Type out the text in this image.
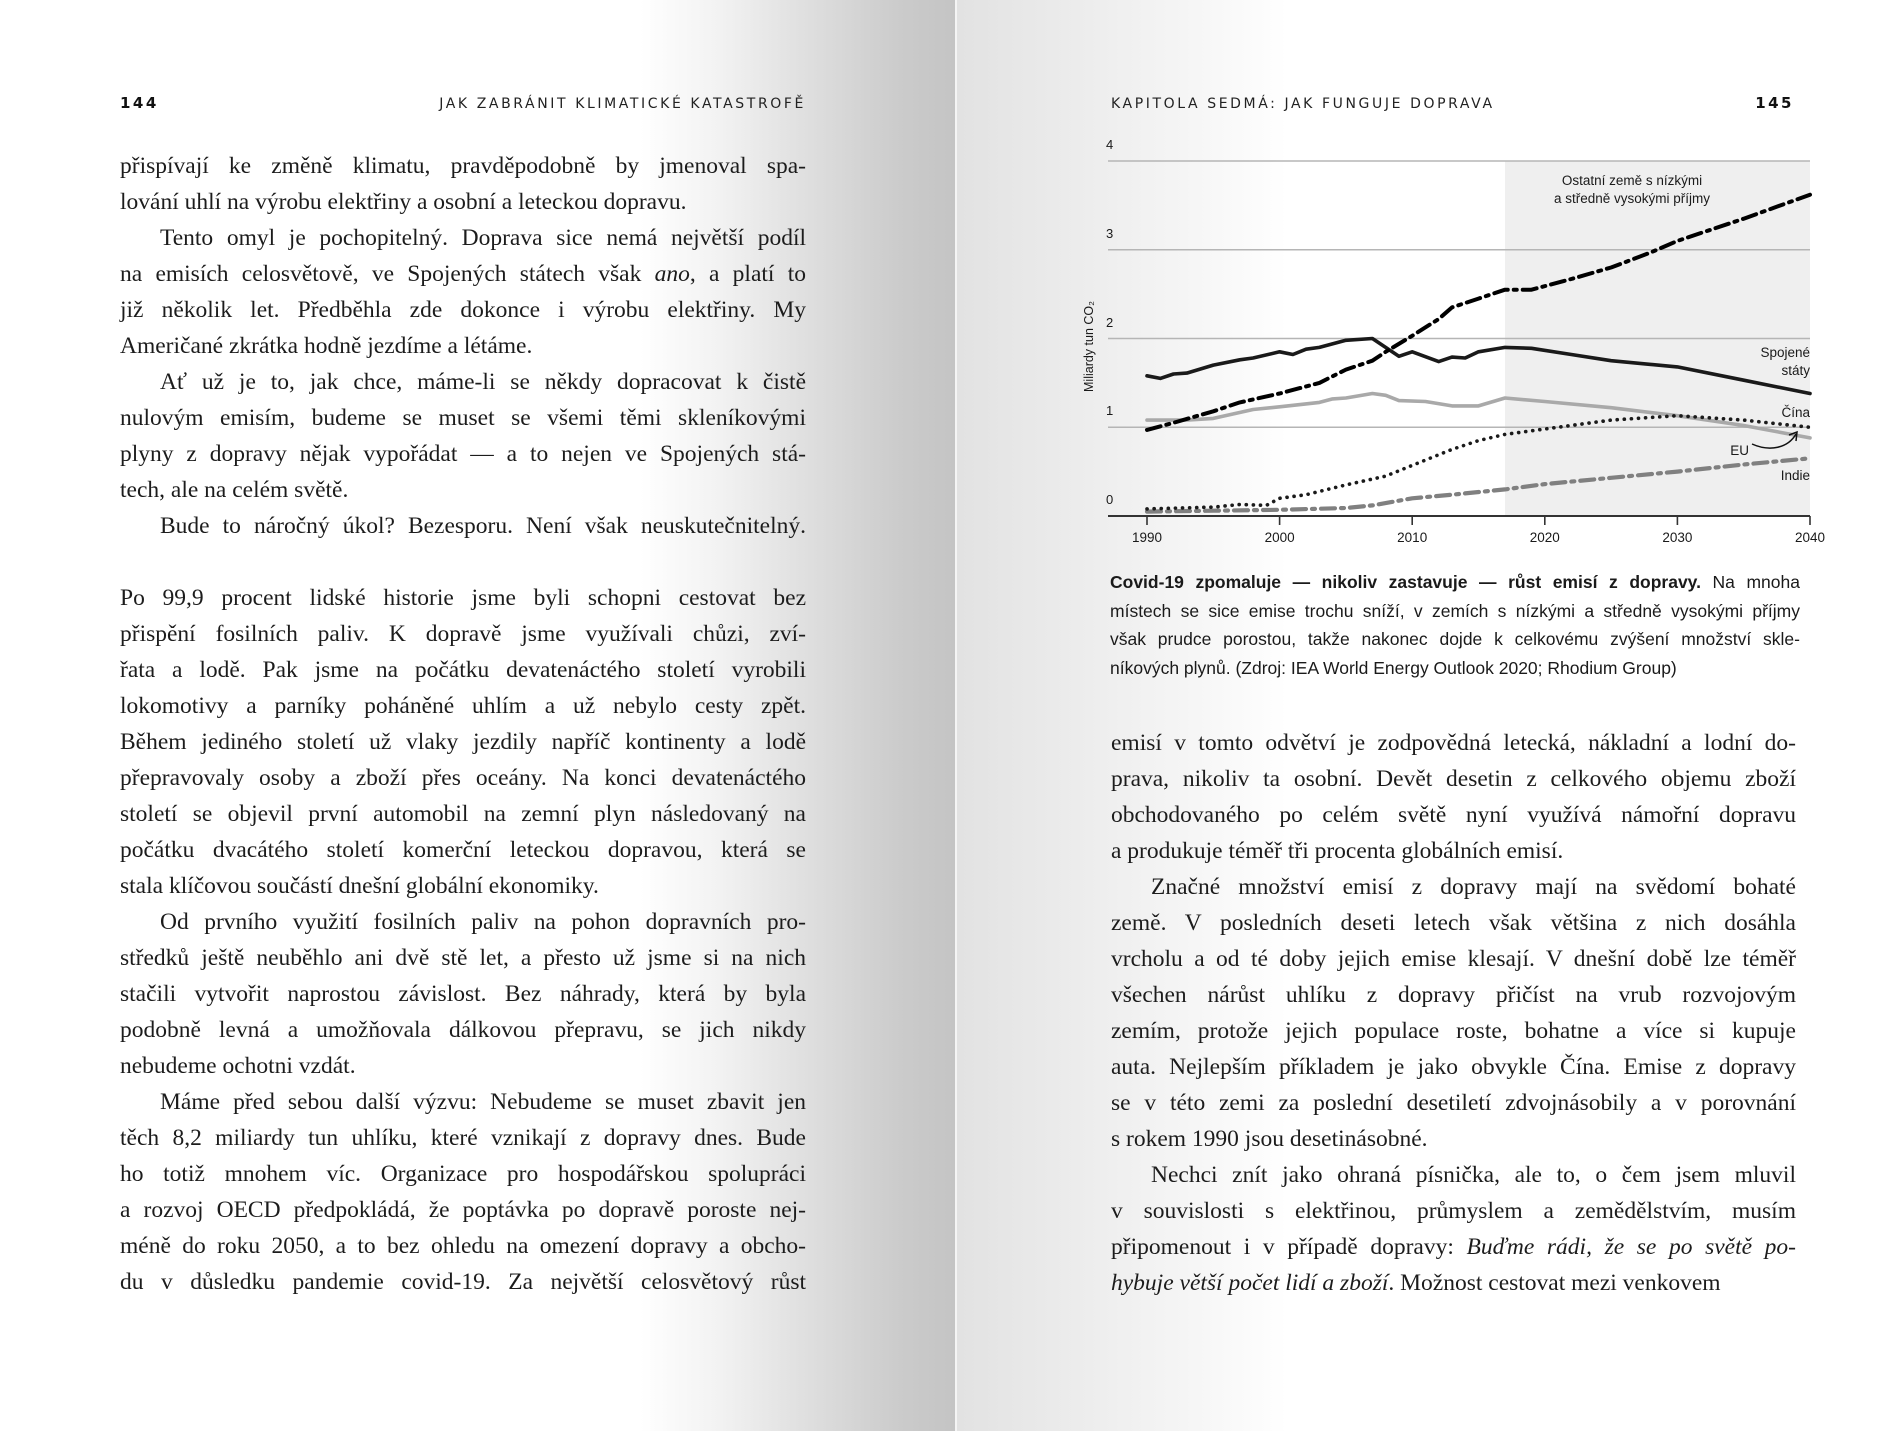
144	JAK ZABRÁNIT KLIMATICKÉ KATASTROFĚ	KAPITOLA SEDMÁ: JAK FUNGUJE DOPRAVA	145
přispívají ke změně klimatu, pravděpodobně by jmenoval spa-
lování uhlí na výrobu elektřiny a osobní a leteckou dopravu.
Tento omyl je pochopitelný. Doprava sice nemá největší podíl
na emisích celosvětově, ve Spojených státech však ano, a platí to
již několik let. Předběhla zde dokonce i výrobu elektřiny. My
Američané zkrátka hodně jezdíme a létáme.
Ať už je to, jak chce, máme-li se někdy dopracovat k čistě
nulovým emisím, budeme se muset se všemi těmi skleníkovými
plyny z dopravy nějak vypořádat — a to nejen ve Spojených stá-
tech, ale na celém světě.
Bude to náročný úkol? Bezesporu. Není však neuskutečnitelný.
Po 99,9 procent lidské historie jsme byli schopni cestovat bez
přispění fosilních paliv. K dopravě jsme využívali chůzi, zví-
řata a lodě. Pak jsme na počátku devatenáctého století vyrobili
lokomotivy a parníky poháněné uhlím a už nebylo cesty zpět.
Během jediného století už vlaky jezdily napříč kontinenty a lodě
přepravovaly osoby a zboží přes oceány. Na konci devatenáctého
století se objevil první automobil na zemní plyn následovaný na
počátku dvacátého století komerční leteckou dopravou, která se
stala klíčovou součástí dnešní globální ekonomiky.
Od prvního využití fosilních paliv na pohon dopravních pro-
středků ještě neuběhlo ani dvě stě let, a přesto už jsme si na nich
stačili vytvořit naprostou závislost. Bez náhrady, která by byla
podobně levná a umožňovala dálkovou přepravu, se jich nikdy
nebudeme ochotni vzdát.
Máme před sebou další výzvu: Nebudeme se muset zbavit jen
těch 8,2 miliardy tun uhlíku, které vznikají z dopravy dnes. Bude
ho totiž mnohem víc. Organizace pro hospodářskou spolupráci
a rozvoj OECD předpokládá, že poptávka po dopravě poroste nej-
méně do roku 2050, a to bez ohledu na omezení dopravy a obcho-
du v důsledku pandemie covid-19. Za největší celosvětový růst
Miliardy tun CO₂
0
1
2
3
4
1990	2000	2010	2020	2030	2040
Ostatní země s nízkými
a středně vysokými příjmy
Spojené
státy
Čína
EU
Indie
Covid-19 zpomaluje — nikoliv zastavuje — růst emisí z dopravy. Na mnoha
místech se sice emise trochu sníží, v zemích s nízkými a středně vysokými příjmy
však prudce porostou, takže nakonec dojde k celkovému zvýšení množství skle-
níkových plynů. (Zdroj: IEA World Energy Outlook 2020; Rhodium Group)
emisí v tomto odvětví je zodpovědná letecká, nákladní a lodní do-
prava, nikoliv ta osobní. Devět desetin z celkového objemu zboží
obchodovaného po celém světě nyní využívá námořní dopravu
a produkuje téměř tři procenta globálních emisí.
Značné množství emisí z dopravy mají na svědomí bohaté
země. V posledních deseti letech však většina z nich dosáhla
vrcholu a od té doby jejich emise klesají. V dnešní době lze téměř
všechen nárůst uhlíku z dopravy přičíst na vrub rozvojovým
zemím, protože jejich populace roste, bohatne a více si kupuje
auta. Nejlepším příkladem je jako obvykle Čína. Emise z dopravy
se v této zemi za poslední desetiletí zdvojnásobily a v porovnání
s rokem 1990 jsou desetinásobné.
Nechci znít jako ohraná písnička, ale to, o čem jsem mluvil
v souvislosti s elektřinou, průmyslem a zemědělstvím, musím
připomenout i v případě dopravy: Buďme rádi, že se po světě po-
hybuje větší počet lidí a zboží. Možnost cestovat mezi venkovem
